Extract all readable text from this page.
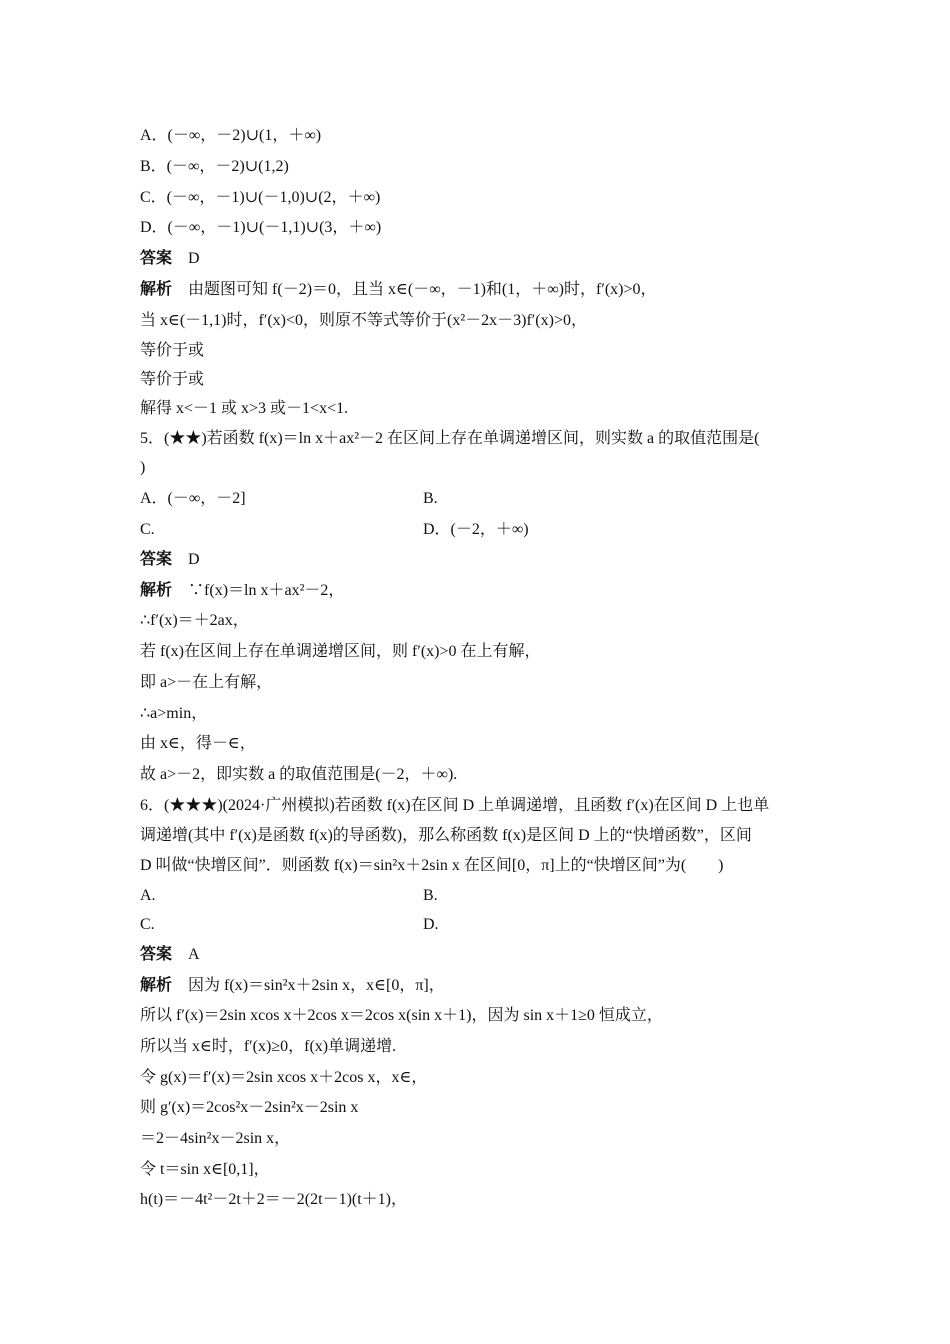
A．(－∞，－2)∪(1，＋∞)
B．(－∞，－2)∪(1,2)
C．(－∞，－1)∪(－1,0)∪(2，＋∞)
D．(－∞，－1)∪(－1,1)∪(3，＋∞)
答案　 D
解析　 由题图可知 f(－2)＝0，且当 x∈(－∞，－1)和(1，＋∞)时，f′(x)>0，
当 x∈(－1,1)时，f′(x)<0，则原不等式等价于(x²－2x－3)f′(x)>0，
等价于或
等价于或
解得 x<－1 或 x>3 或－1<x<1.
5．(★★)若函数 f(x)＝ln x＋ax²－2 在区间上存在单调递增区间，则实数 a 的取值范围是(
)
A．(－∞，－2]	B.
C.	D．(－2，＋∞)
答案　 D
解析　 ∵f(x)＝ln x＋ax²－2，
∴f′(x)＝＋2ax，
若 f(x)在区间上存在单调递增区间，则 f′(x)>0 在上有解，
即 a>－在上有解，
∴a>min，
由 x∈，得－∈，
故 a>－2，即实数 a 的取值范围是(－2，＋∞).
6．(★★★)(2024·广州模拟)若函数 f(x)在区间 D 上单调递增，且函数 f′(x)在区间 D 上也单
调递增(其中 f′(x)是函数 f(x)的导函数)，那么称函数 f(x)是区间 D 上的“快增函数”，区间
D 叫做“快增区间”．则函数 f(x)＝sin²x＋2sin x 在区间[0，π]上的“快增区间”为(　　)
A.	B.
C.	D.
答案　 A
解析　 因为 f(x)＝sin²x＋2sin x，x∈[0，π]，
所以 f′(x)＝2sin xcos x＋2cos x＝2cos x(sin x＋1)，因为 sin x＋1≥0 恒成立，
所以当 x∈时，f′(x)≥0，f(x)单调递增.
令 g(x)＝f′(x)＝2sin xcos x＋2cos x，x∈，
则 g′(x)＝2cos²x－2sin²x－2sin x
＝2－4sin²x－2sin x，
令 t＝sin x∈[0,1]，
h(t)＝－4t²－2t＋2＝－2(2t－1)(t＋1)，
